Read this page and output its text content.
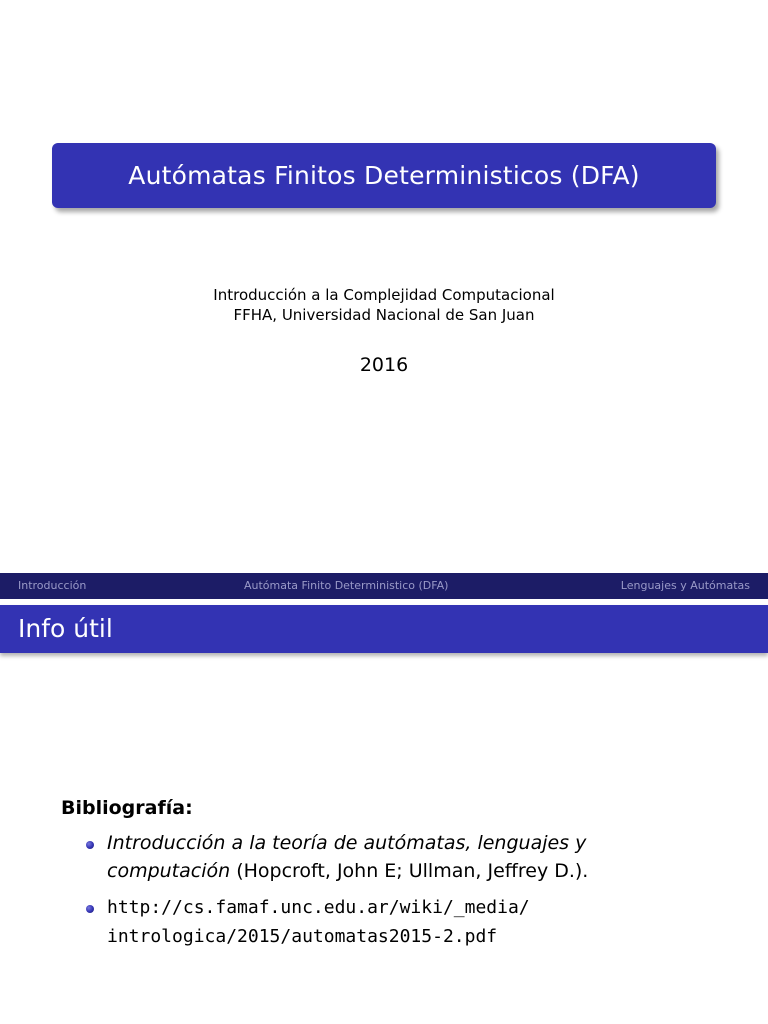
Autómatas Finitos Deterministicos (DFA)
Introducción a la Complejidad Computacional
FFHA, Universidad Nacional de San Juan
2016
Introducción	Autómata Finito Deterministico (DFA)	Lenguajes y Autómatas
Info útil
Bibliografía:
Introducción a la teoría de autómatas, lenguajes y
computación (Hopcroft, John E; Ullman, Jeffrey D.).
http://cs.famaf.unc.edu.ar/wiki/_media/
intrologica/2015/automatas2015-2.pdf
